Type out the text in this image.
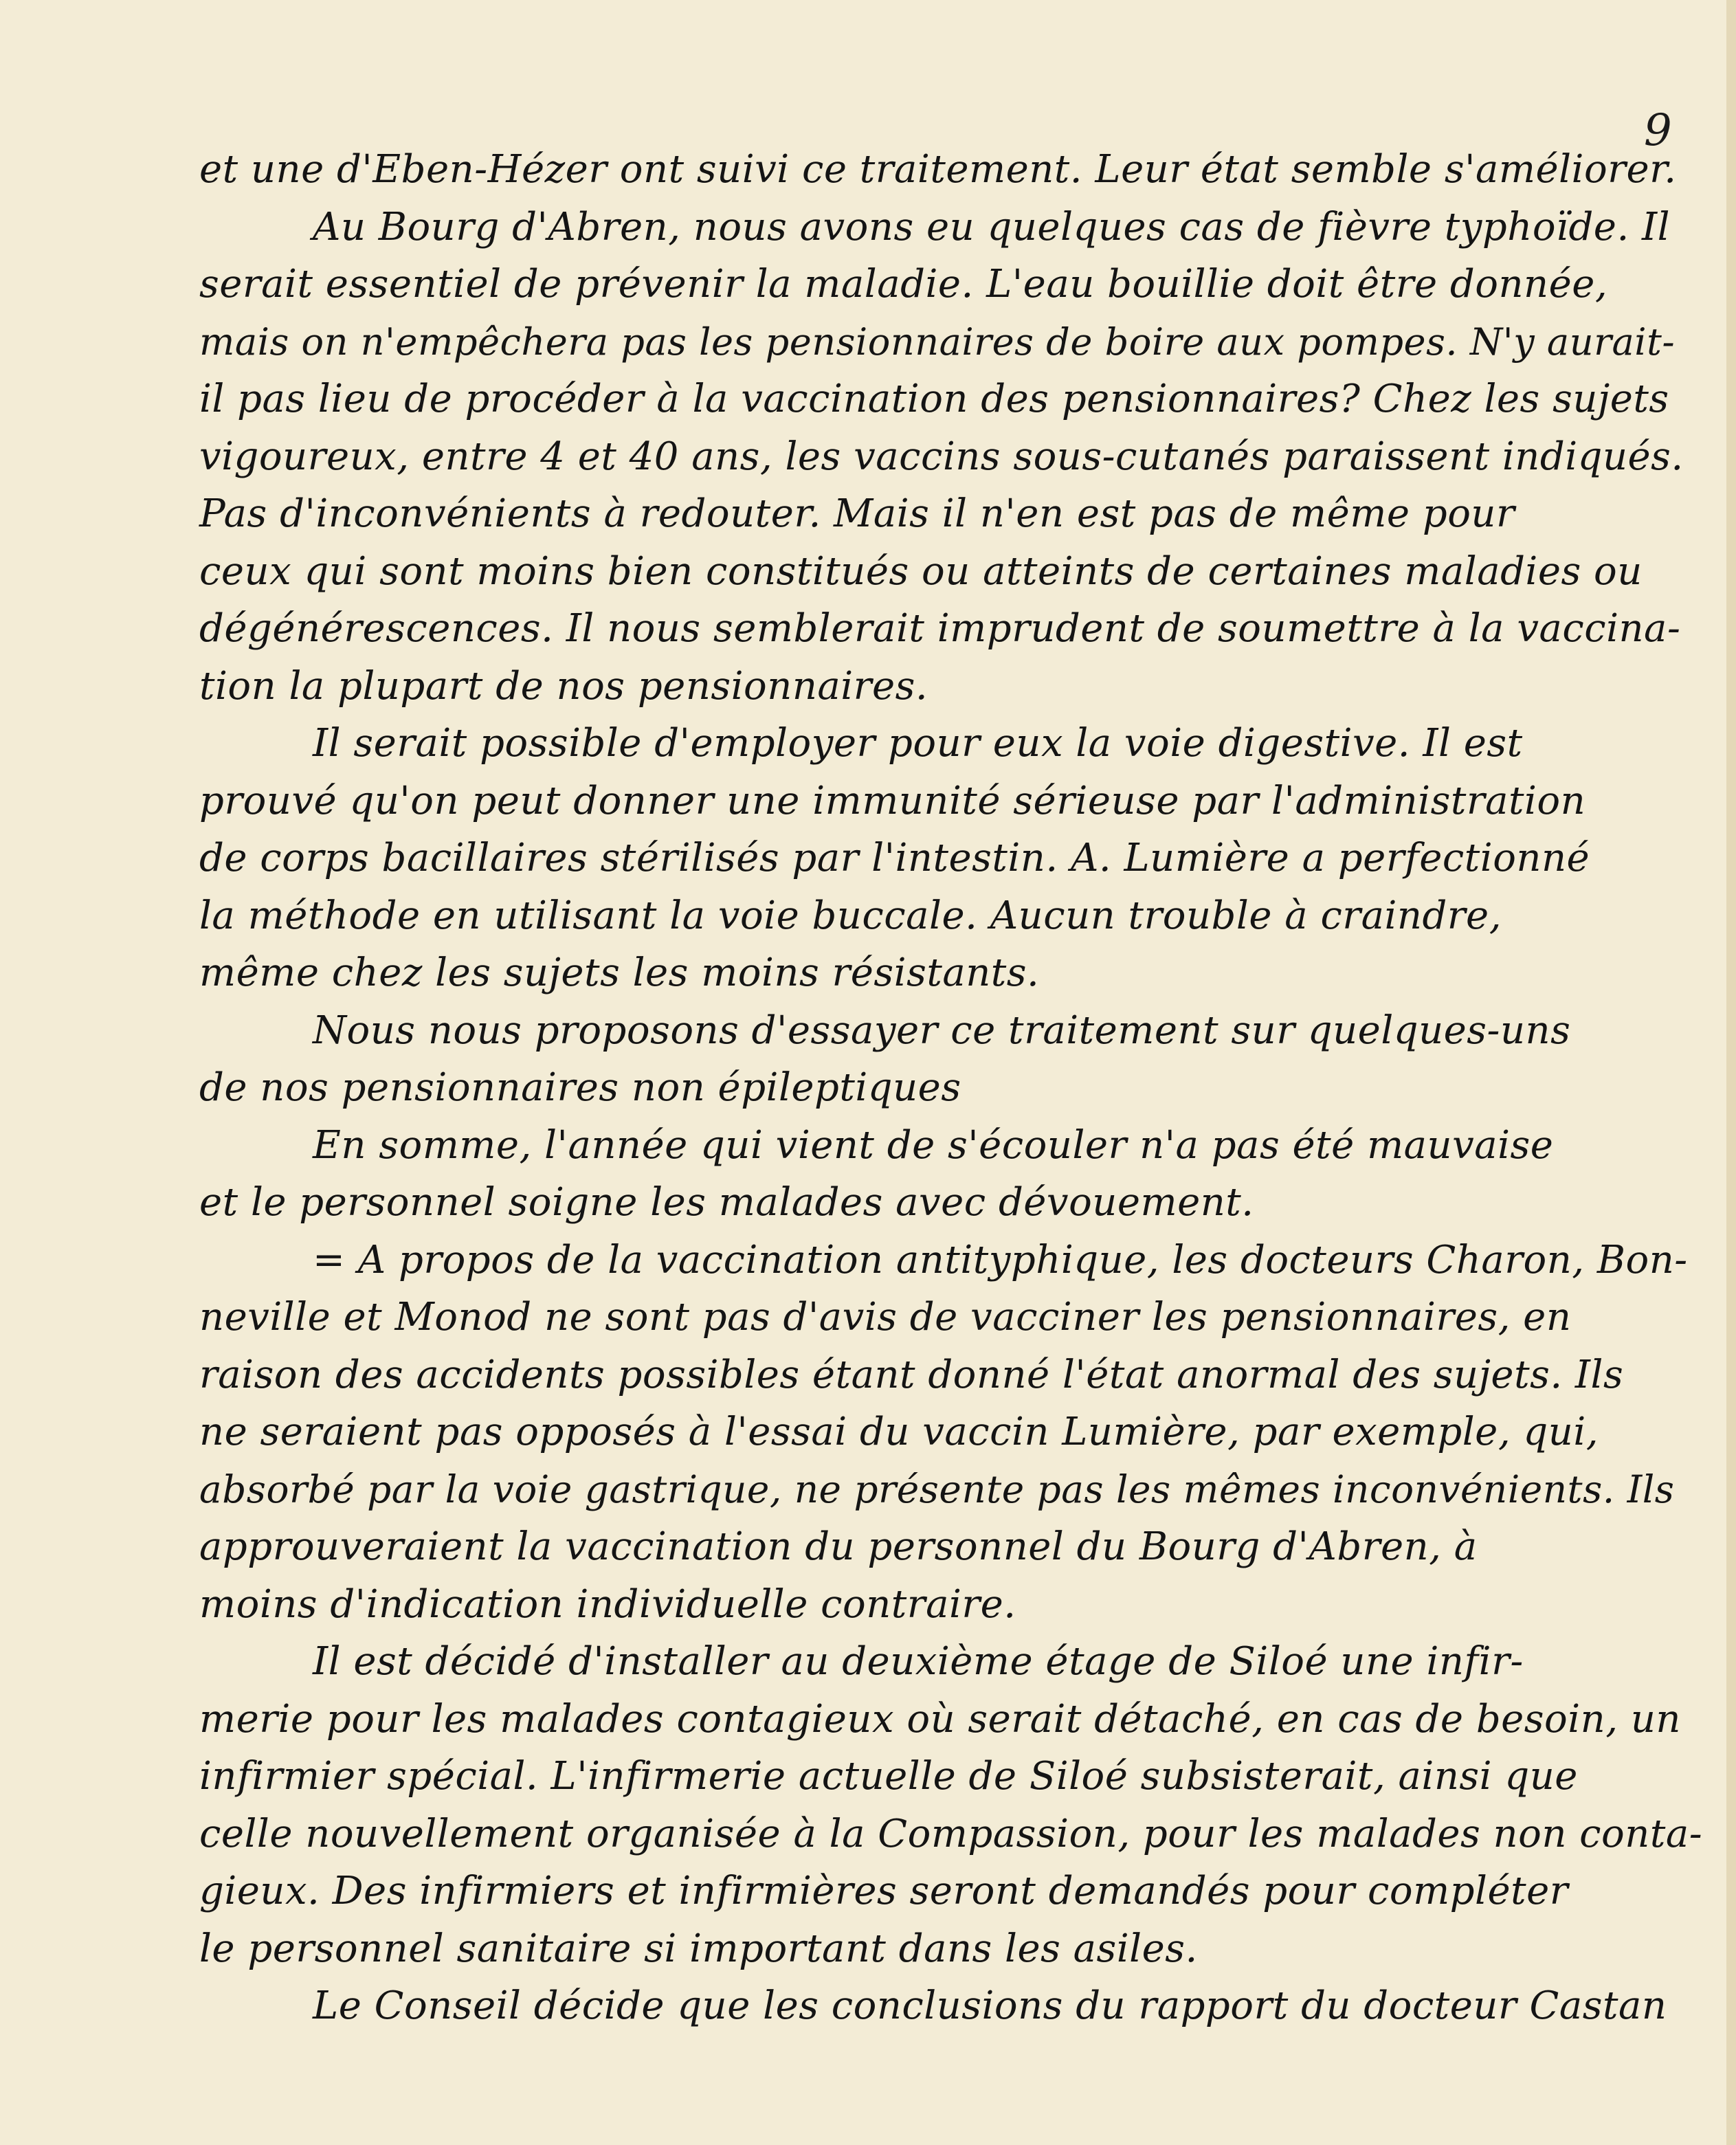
9
et une d'Eben-Hézer ont suivi ce traitement. Leur état semble s'améliorer.
Au Bourg d'Abren, nous avons eu quelques cas de fièvre typhoïde. Il
serait essentiel de prévenir la maladie. L'eau bouillie doit être donnée,
mais on n'empêchera pas les pensionnaires de boire aux pompes. N'y aurait-
il pas lieu de procéder à la vaccination des pensionnaires? Chez les sujets
vigoureux, entre 4 et 40 ans, les vaccins sous-cutanés paraissent indiqués.
Pas d'inconvénients à redouter. Mais il n'en est pas de même pour
ceux qui sont moins bien constitués ou atteints de certaines maladies ou
dégénérescences. Il nous semblerait imprudent de soumettre à la vaccina-
tion la plupart de nos pensionnaires.
Il serait possible d'employer pour eux la voie digestive. Il est
prouvé qu'on peut donner une immunité sérieuse par l'administration
de corps bacillaires stérilisés par l'intestin. A. Lumière a perfectionné
la méthode en utilisant la voie buccale. Aucun trouble à craindre,
même chez les sujets les moins résistants.
Nous nous proposons d'essayer ce traitement sur quelques-uns
de nos pensionnaires non épileptiques
En somme, l'année qui vient de s'écouler n'a pas été mauvaise
et le personnel soigne les malades avec dévouement.
= A propos de la vaccination antityphique, les docteurs Charon, Bon-
neville et Monod ne sont pas d'avis de vacciner les pensionnaires, en
raison des accidents possibles étant donné l'état anormal des sujets. Ils
ne seraient pas opposés à l'essai du vaccin Lumière, par exemple, qui,
absorbé par la voie gastrique, ne présente pas les mêmes inconvénients. Ils
approuveraient la vaccination du personnel du Bourg d'Abren, à
moins d'indication individuelle contraire.
Il est décidé d'installer au deuxième étage de Siloé une infir-
merie pour les malades contagieux où serait détaché, en cas de besoin, un
infirmier spécial. L'infirmerie actuelle de Siloé subsisterait, ainsi que
celle nouvellement organisée à la Compassion, pour les malades non conta-
gieux. Des infirmiers et infirmières seront demandés pour compléter
le personnel sanitaire si important dans les asiles.
Le Conseil décide que les conclusions du rapport du docteur Castan
